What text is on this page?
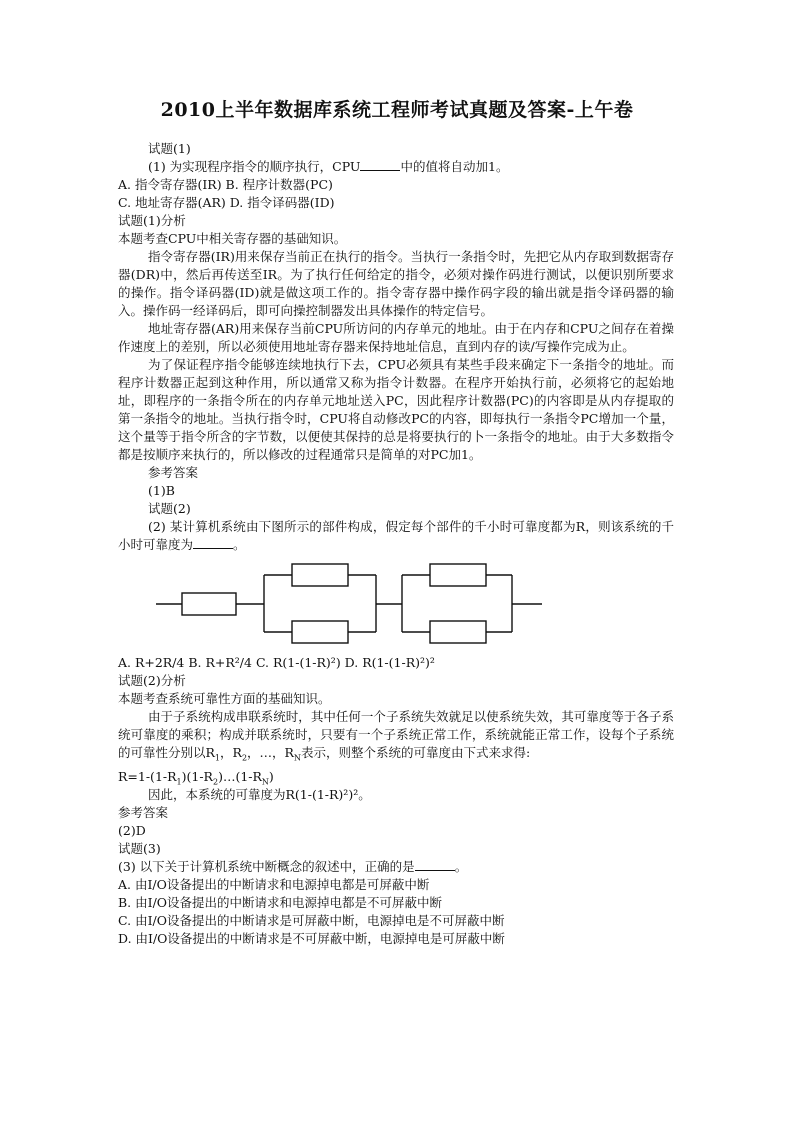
2010上半年数据库系统工程师考试真题及答案-上午卷
试题(1)
(1) 为实现程序指令的顺序执行，CPU	中的值将自动加1。
A. 指令寄存器(IR) B. 程序计数器(PC)
C. 地址寄存器(AR) D. 指令译码器(ID)
试题(1)分析
本题考查CPU中相关寄存器的基础知识。
指令寄存器(IR)用来保存当前正在执行的指令。当执行一条指令时，先把它从内存取到数据寄存器(DR)中，然后再传送至IR。为了执行任何给定的指令，必须对操作码进行测试，以便识别所要求的操作。指令译码器(ID)就是做这项工作的。指令寄存器中操作码字段的输出就是指令译码器的输入。操作码一经译码后，即可向操控制器发出具体操作的特定信号。
地址寄存器(AR)用来保存当前CPU所访问的内存单元的地址。由于在内存和CPU之间存在着操作速度上的差别，所以必须使用地址寄存器来保持地址信息，直到内存的读/写操作完成为止。
为了保证程序指令能够连续地执行下去，CPU必须具有某些手段来确定下一条指令的地址。而程序计数器正起到这种作用，所以通常又称为指令计数器。在程序开始执行前，必须将它的起始地址，即程序的一条指令所在的内存单元地址送入PC，因此程序计数器(PC)的内容即是从内存提取的第一条指令的地址。当执行指令时，CPU将自动修改PC的内容，即每执行一条指令PC增加一个量，这个量等于指令所含的字节数，以便使其保持的总是将要执行的卜一条指令的地址。由于大多数指令都是按顺序来执行的，所以修改的过程通常只是简单的对PC加1。
参考答案
(1)B
试题(2)
(2) 某计算机系统由下图所示的部件构成，假定每个部件的千小时可靠度都为R，则该系统的千小时可靠度为	。
A. R+2R/4 B. R+R²/4 C. R(1-(1-R)²) D. R(1-(1-R)²)²
试题(2)分析
本题考查系统可靠性方面的基础知识。
由于子系统构成串联系统时，其中任何一个子系统失效就足以使系统失效，其可靠度等于各子系统可靠度的乘积；构成并联系统时，只要有一个子系统正常工作，系统就能正常工作，设每个子系统的可靠性分别以$R_1$，$R_2$，…，$R_N$表示，则整个系统的可靠度由下式来求得:
$R=1-(1-R_1)(1-R_2)\dots(1-R_N)$
因此，本系统的可靠度为R(1-(1-R)²)²。
参考答案
(2)D
试题(3)
(3) 以下关于计算机系统中断概念的叙述中，正确的是	。
A. 由I/O设备提出的中断请求和电源掉电都是可屏蔽中断
B. 由I/O设备提出的中断请求和电源掉电都是不可屏蔽中断
C. 由I/O设备提出的中断请求是可屏蔽中断，电源掉电是不可屏蔽中断
D. 由I/O设备提出的中断请求是不可屏蔽中断，电源掉电是可屏蔽中断
